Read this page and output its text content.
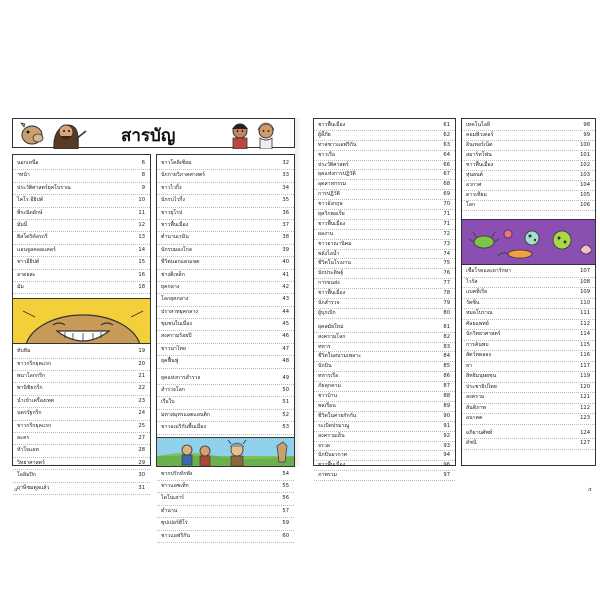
สารบัญ
นอกเหนือ	6
ฯหน้า	8
ประวัติศาสตร์ยุคโบราณ	9
ไคโร อียิปต์	10
พีระมิดยักษ์	11
มัมมี่	12
ฮิสโตริคัลรถรี	13
แอนจูลคอลแคลร์	14
ชาวอียิปต์	15
ลาดยสะ	16
มัม	18
ทับทิม	19
ชาวกรีกยุคแรก	20
พนาโลกกรีก	21
พานิชิยกรีก	22
นำเข้าเครื่องเทศ	23
นครรัฐกรีก	24
ชาวกรีกยุคแรก	25
ละคร	27
หัวใจแอท	28
วิทยาศาสตร์	29
โอลิมปิก	30
ฤาษีชมตูลแล้ว	31
ชาวโคลิเซียม	32
นักกายวิภาคศาสตร์	33
ชาวไวกิ้ง	34
นักรบไวกิ้ง	35
ชาวยุโรป	36
ชาวพื้นเมือง	37
ตำนานเรมิน	38
นักรบมองโกล	39
ชีวิตนอกแดนเขต	40
ช่างตีเหล็ก	41
ยุคกลาง	42
โลกยุคกลาง	43
ปราสาทยุคกลาง	44
ชุมชนในเมือง	45
สงครามร้อยปี	46
ชาวนาไทย	47
ยุคฟื้นฟู	48
ยุคแห่งการสำรวจ	49
สำรวจโลก	50
เรือใบ	51
มหาสมุทรแอตแลนติก	52
ชาวอเมริกันพื้นเมือง	53
ซากปรักหักพัง	54
ชาวแอซเท็ก	55
ไดโนเสาร์	56
ตำนาน	57
ซุปเปอร์ฮีโร่	59
ชาวแอฟริกัน	60
ชาวพื้นเมือง	61
ผู้ลี้ภัย	62
ทาสชาวแอฟริกัน	63
ชาวเรือ	64
ประวัติศาสตร์	66
ยุคแห่งการปฏิวัติ	67
อุตสาหกรรม	68
การปฏิวัติ	69
ชาวอังกฤษ	70
ยุควิกตอเรีย	71
ชาวพื้นเมือง	71
ผลงาน	72
ชาวอาณานิคม	73
พลังไอน้ำ	74
ชีวิตในโรงงาน	75
นักประดิษฐ์	76
การขนส่ง	77
ชาวพื้นเมือง	78
นักสำรวจ	79
ผู้บุกเบิก	80
ยุคสมัยใหม่	81
สงครามโลก	82
ทหาร	83
ชีวิตในสนามเพลาะ	84
นักบิน	85
ทหารเรือ	86
ภัยคุกคาม	87
ชาวบ้าน	88
พลเรือน	89
ชีวิตในค่ายกักกัน	90
ระเบิดปรมาณู	91
สงครามเย็น	92
จรวด	93
นักบินอวกาศ	94
ชาวพื้นเมือง	96
ภาพรวม	97
เทคโนโลยี	98
คอมพิวเตอร์	99
อินเทอร์เน็ต	100
สมาร์ทโฟน	101
ชาวพื้นเมือง	102
หุ่นยนต์	103
อวกาศ	104
ดาวเทียม	105
โลก	106
เชื้อโรคและยารักษา	107
ไวรัส	108
แบคทีเรีย	109
วัคซีน	110
หมอโบราณ	111
ศัลยแพทย์	112
นักวิทยาศาสตร์	114
การค้นพบ	115
สัตว์ทดลอง	116
ยา	117
สิทธิมนุษยชน	119
ประชาธิปไตย	120
สงคราม	121
สันติภาพ	122
อนาคต	123
อภิธานศัพท์	124
ดัชนี	127
๔	๕
